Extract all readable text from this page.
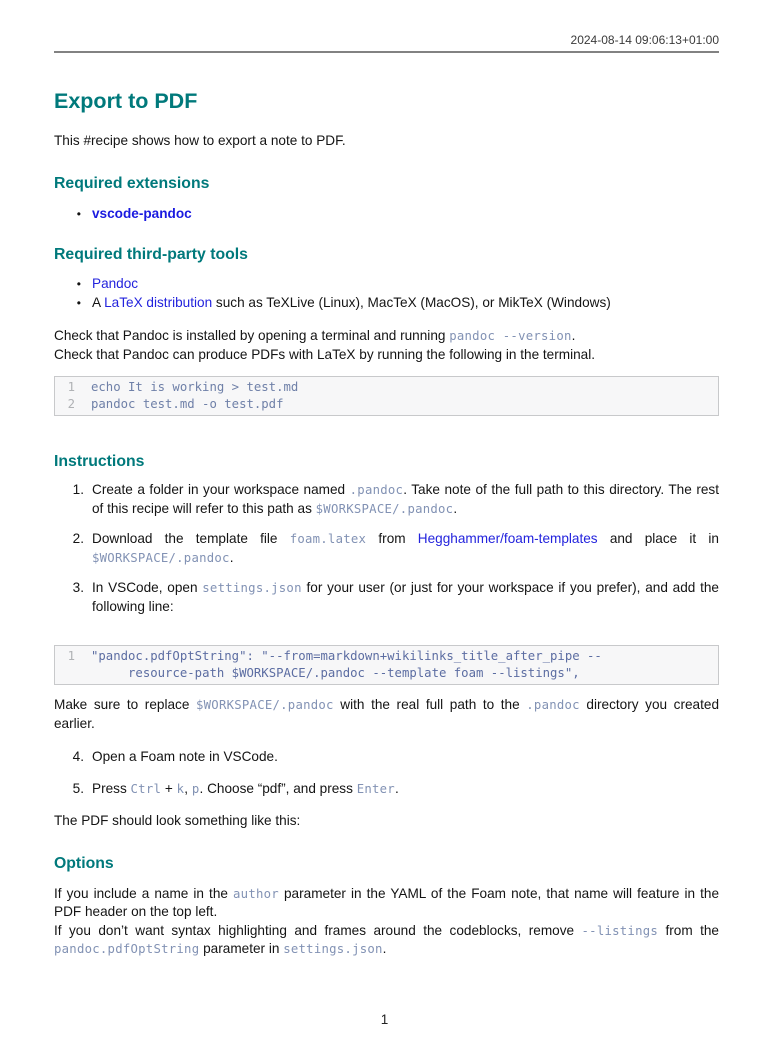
2024-08-14 09:06:13+01:00
Export to PDF
This #recipe shows how to export a note to PDF.
Required extensions
• vscode-pandoc
Required third-party tools
• Pandoc
• A LaTeX distribution such as TeXLive (Linux), MacTeX (MacOS), or MikTeX (Windows)
Check that Pandoc is installed by opening a terminal and running pandoc --version.
Check that Pandoc can produce PDFs with LaTeX by running the following in the terminal.
1 echo It is working > test.md
2 pandoc test.md -o test.pdf
Instructions
1. Create a folder in your workspace named .pandoc. Take note of the full path to this directory. The rest of this recipe will refer to this path as $WORKSPACE/.pandoc.
2. Download the template file foam.latex from Hegghammer/foam-templates and place it in $WORKSPACE/.pandoc.
3. In VSCode, open settings.json for your user (or just for your workspace if you prefer), and add the following line:
1 "pandoc.pdfOptString": "--from=markdown+wikilinks_title_after_pipe --
resource-path $WORKSPACE/.pandoc --template foam --listings",
Make sure to replace $WORKSPACE/.pandoc with the real full path to the .pandoc directory you created earlier.
4. Open a Foam note in VSCode.
5. Press Ctrl + k, p. Choose “pdf”, and press Enter.
The PDF should look something like this:
Options
If you include a name in the author parameter in the YAML of the Foam note, that name will feature in the PDF header on the top left.
If you don’t want syntax highlighting and frames around the codeblocks, remove --listings from the pandoc.pdfOptString parameter in settings.json.
1
